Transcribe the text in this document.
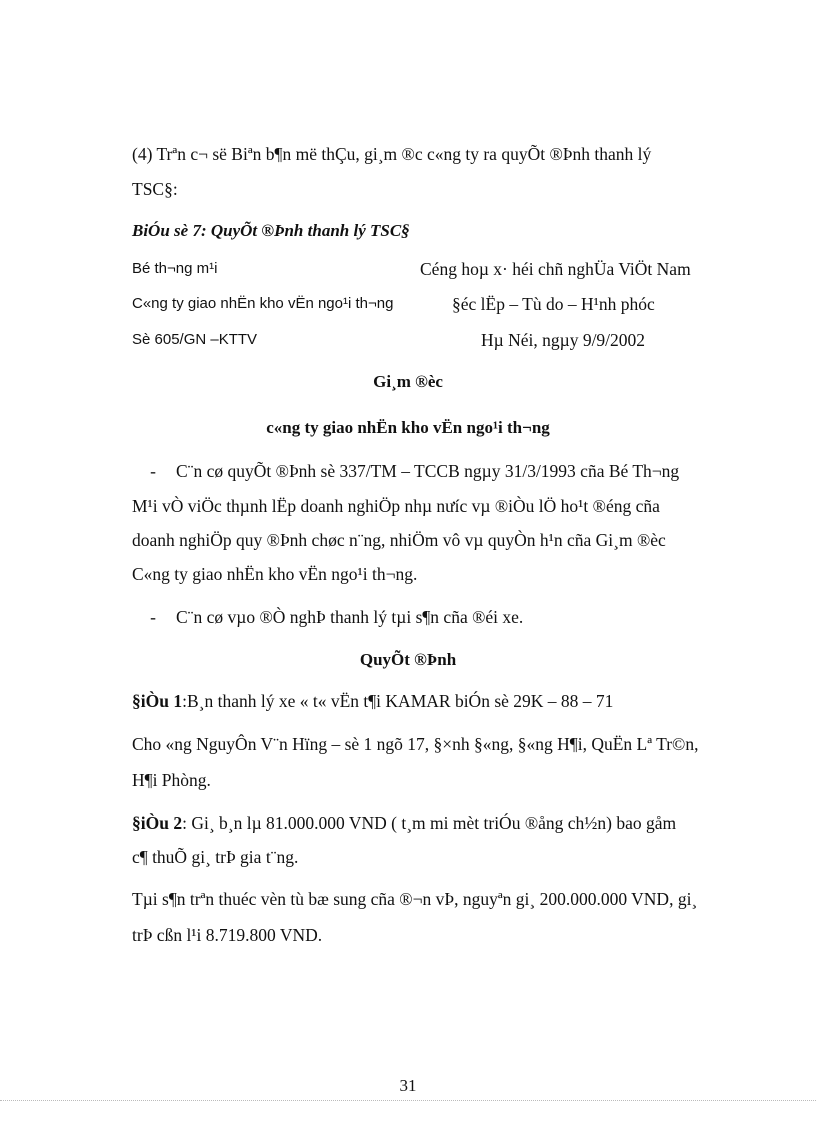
(4) Trªn c¬ së Biªn b¶n më thÇu, gi¸m ®c c«ng ty ra quyÕt ®Þnh thanh lý
TSC§:
BiÓu sè 7: QuyÕt ®Þnh thanh lý TSC§
Bé th¬ng m¹i
C«ng ty giao nhËn kho vËn ngo¹i th¬ng
Sè 605/GN –KTTV
Céng hoµ x· héi chñ nghÜa ViÖt Nam
§éc lËp – Tù do – H¹nh phóc
Hµ Néi, ngµy 9/9/2002
Gi¸m ®èc
c«ng ty giao nhËn kho vËn ngo¹i th¬ng
-	C¨n cø quyÕt ®Þnh sè 337/TM – TCCB ngµy 31/3/1993 cña Bé Th¬ng
M¹i vÒ viÖc thµnh lËp doanh nghiÖp nhµ nưíc vµ ®iÒu lÖ ho¹t ®éng cña
doanh nghiÖp quy ®Þnh chøc n¨ng, nhiÖm vô vµ quyÒn h¹n cña Gi¸m ®èc
C«ng ty giao nhËn kho vËn ngo¹i th¬ng.
-	C¨n cø vµo ®Ò nghÞ thanh lý tµi s¶n cña ®éi xe.
QuyÕt ®Þnh
§iÒu 1:B¸n thanh lý xe « t« vËn t¶i KAMAR biÓn sè 29K – 88 – 71
Cho «ng NguyÔn V¨n Hïng – sè 1 ngõ 17, §×nh §«ng, §«ng H¶i, QuËn Lª Tr©n,
H¶i Phòng.
§iÒu 2: Gi¸ b¸n lµ 81.000.000 VND ( t¸m mi mèt triÓu ®ång ch½n) bao gåm
c¶ thuÕ gi¸ trÞ gia t¨ng.
Tµi s¶n trªn thuéc vèn tù bæ sung cña ®¬n vÞ, nguyªn gi¸ 200.000.000 VND, gi¸
trÞ cßn l¹i 8.719.800 VND.
31
